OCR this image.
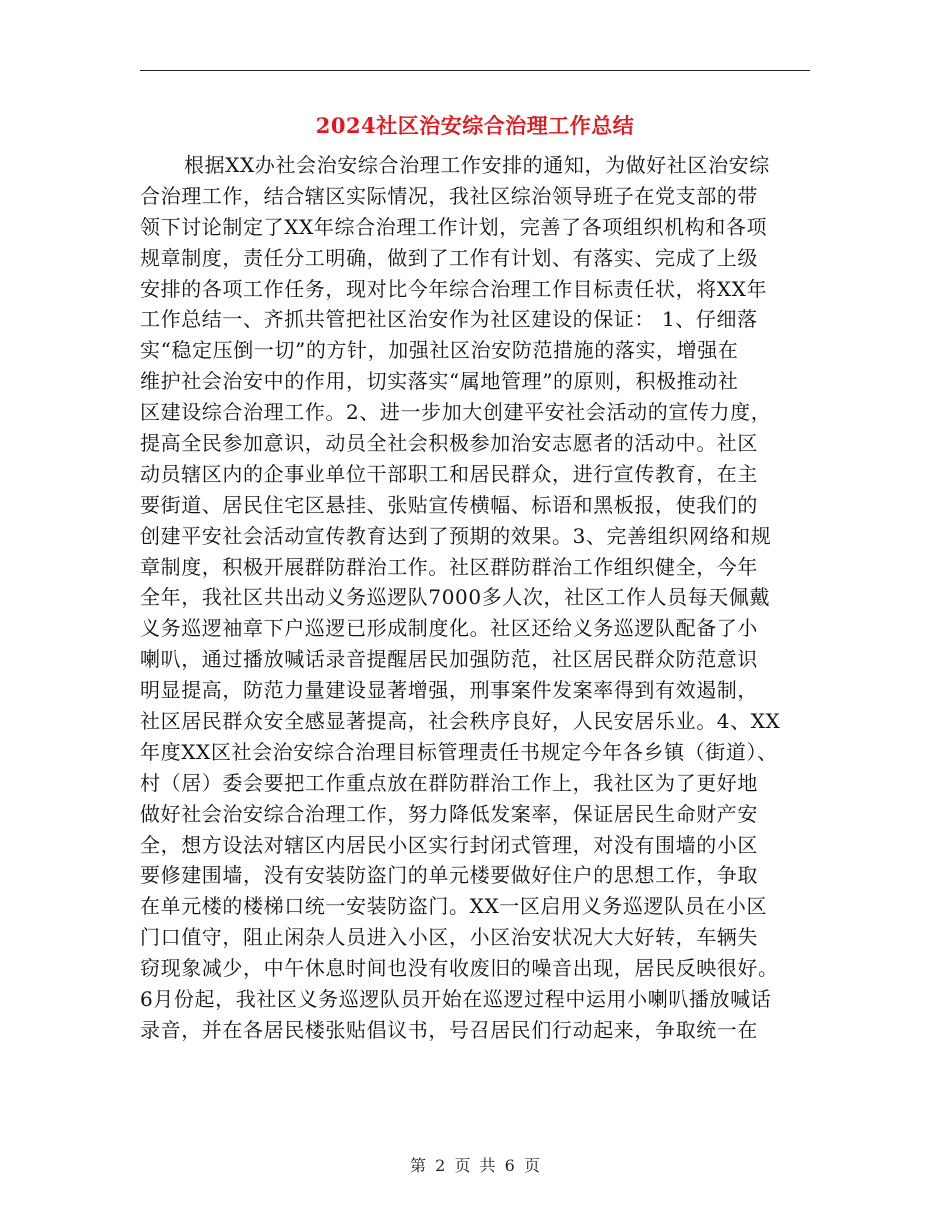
2024社区治安综合治理工作总结
根据XX办社会治安综合治理工作安排的通知，为做好社区治安综
合治理工作，结合辖区实际情况，我社区综治领导班子在党支部的带
领下讨论制定了XX年综合治理工作计划，完善了各项组织机构和各项
规章制度，责任分工明确，做到了工作有计划、有落实、完成了上级
安排的各项工作任务，现对比今年综合治理工作目标责任状，将XX年
工作总结一、齐抓共管把社区治安作为社区建设的保证： 1、仔细落
实“稳定压倒一切”的方针，加强社区治安防范措施的落实，增强在
维护社会治安中的作用，切实落实“属地管理”的原则，积极推动社
区建设综合治理工作。2、进一步加大创建平安社会活动的宣传力度，
提高全民参加意识，动员全社会积极参加治安志愿者的活动中。社区
动员辖区内的企事业单位干部职工和居民群众，进行宣传教育，在主
要街道、居民住宅区悬挂、张贴宣传横幅、标语和黑板报，使我们的
创建平安社会活动宣传教育达到了预期的效果。3、完善组织网络和规
章制度，积极开展群防群治工作。社区群防群治工作组织健全，今年
全年，我社区共出动义务巡逻队7000多人次，社区工作人员每天佩戴
义务巡逻袖章下户巡逻已形成制度化。社区还给义务巡逻队配备了小
喇叭，通过播放喊话录音提醒居民加强防范，社区居民群众防范意识
明显提高，防范力量建设显著增强，刑事案件发案率得到有效遏制，
社区居民群众安全感显著提高，社会秩序良好，人民安居乐业。4、XX
年度XX区社会治安综合治理目标管理责任书规定今年各乡镇（街道）、
村（居）委会要把工作重点放在群防群治工作上，我社区为了更好地
做好社会治安综合治理工作，努力降低发案率，保证居民生命财产安
全，想方设法对辖区内居民小区实行封闭式管理，对没有围墙的小区
要修建围墙，没有安装防盗门的单元楼要做好住户的思想工作，争取
在单元楼的楼梯口统一安装防盗门。XX一区启用义务巡逻队员在小区
门口值守，阻止闲杂人员进入小区，小区治安状况大大好转，车辆失
窃现象减少，中午休息时间也没有收废旧的噪音出现，居民反映很好。
6月份起，我社区义务巡逻队员开始在巡逻过程中运用小喇叭播放喊话
录音，并在各居民楼张贴倡议书，号召居民们行动起来，争取统一在
第 2 页 共 6 页
